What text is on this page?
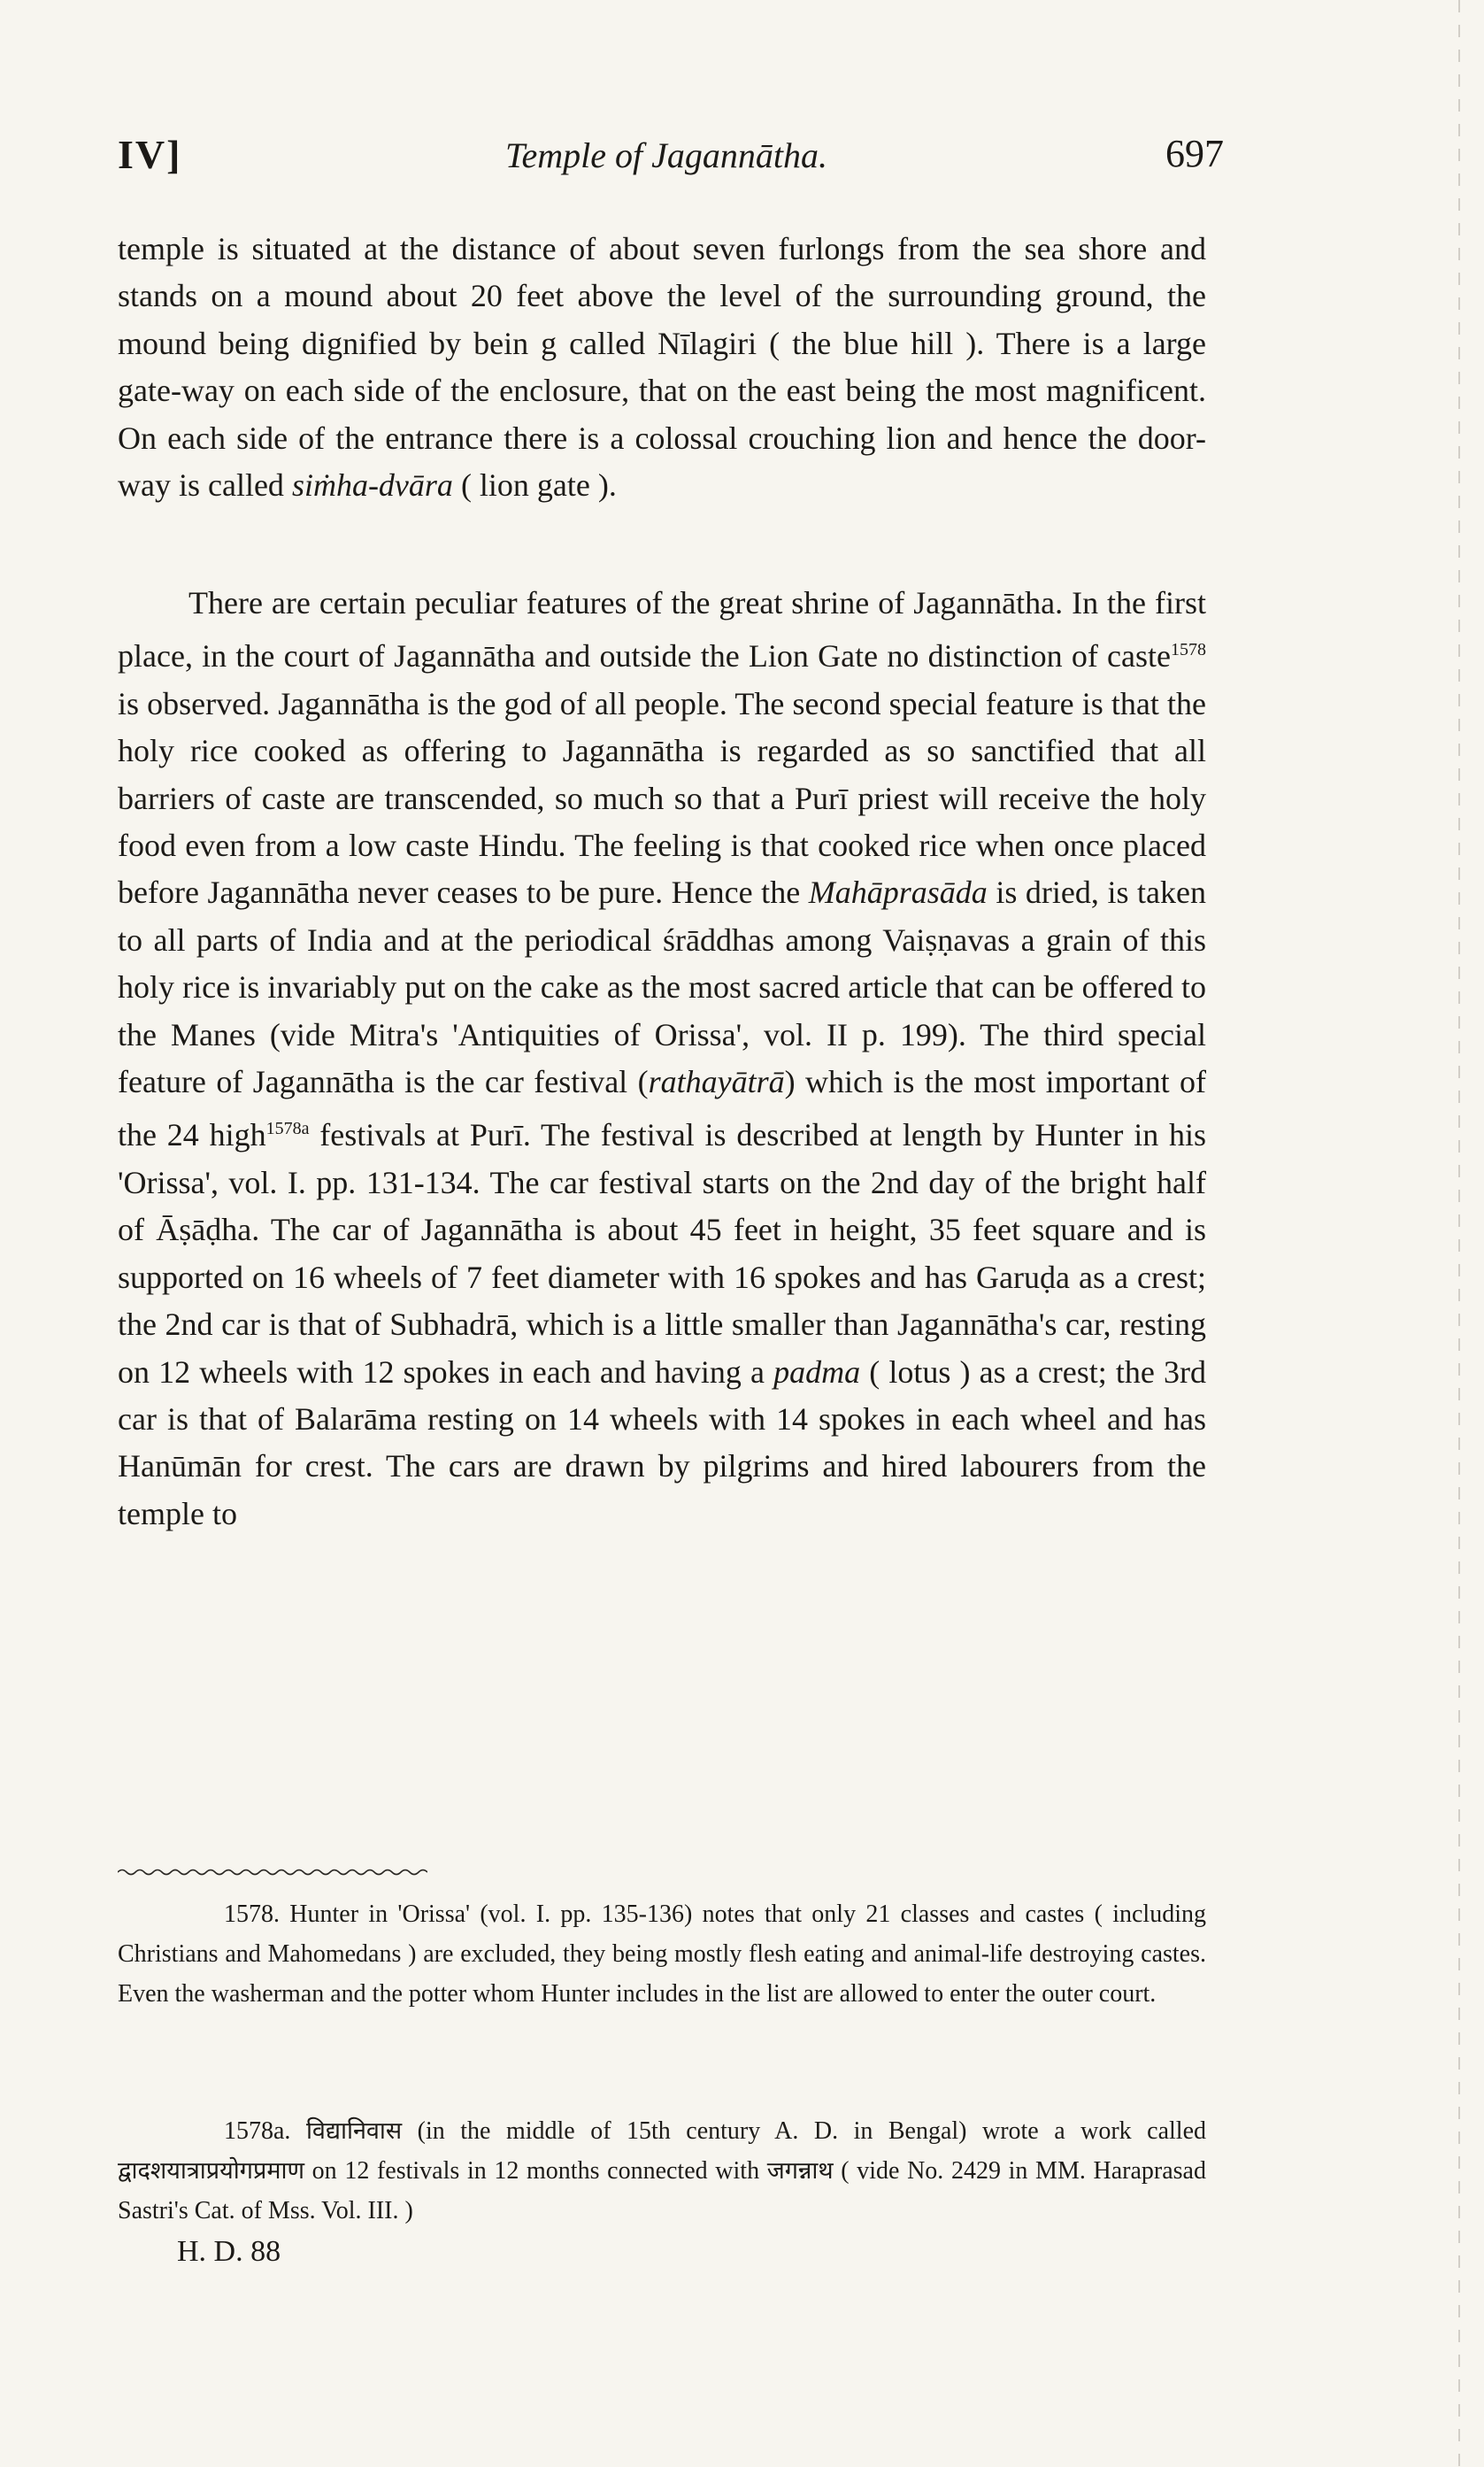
IV]	Temple of Jagannātha.	697

temple is situated at the distance of about seven furlongs from the sea shore and stands on a mound about 20 feet above the level of the surrounding ground, the mound being dignified by bein g called Nīlagiri ( the blue hill ). There is a large gate-way on each side of the enclosure, that on the east being the most magnificent. On each side of the entrance there is a colossal crouching lion and hence the door-way is called siṁha-dvāra ( lion gate ).

There are certain peculiar features of the great shrine of Jagannātha. In the first place, in the court of Jagannātha and outside the Lion Gate no distinction of caste$^{1578}$ is observed. Jagannātha is the god of all people. The second special feature is that the holy rice cooked as offering to Jagannātha is regarded as so sanctified that all barriers of caste are transcended, so much so that a Purī priest will receive the holy food even from a low caste Hindu. The feeling is that cooked rice when once placed before Jagannātha never ceases to be pure. Hence the Mahāprasāda is dried, is taken to all parts of India and at the periodical śrāddhas among Vaiṣṇavas a grain of this holy rice is invariably put on the cake as the most sacred article that can be offered to the Manes (vide Mitra's 'Antiquities of Orissa', vol. II p. 199). The third special feature of Jagannātha is the car festival (rathayātrā) which is the most important of the 24 high$^{1578a}$ festivals at Purī. The festival is described at length by Hunter in his 'Orissa', vol. I. pp. 131-134. The car festival starts on the 2nd day of the bright half of Āṣāḍha. The car of Jagannātha is about 45 feet in height, 35 feet square and is supported on 16 wheels of 7 feet diameter with 16 spokes and has Garuḍa as a crest; the 2nd car is that of Subhadrā, which is a little smaller than Jagannātha's car, resting on 12 wheels with 12 spokes in each and having a padma ( lotus ) as a crest; the 3rd car is that of Balarāma resting on 14 wheels with 14 spokes in each wheel and has Hanūmān for crest. The cars are drawn by pilgrims and hired labourers from the temple to

1578. Hunter in 'Orissa' (vol. I. pp. 135-136) notes that only 21 classes and castes ( including Christians and Mahomedans ) are excluded, they being mostly flesh eating and animal-life destroying castes. Even the washerman and the potter whom Hunter includes in the list are allowed to enter the outer court.

1578a. विद्यानिवास (in the middle of 15th century A. D. in Bengal) wrote a work called द्वादशयात्राप्रयोगप्रमाण on 12 festivals in 12 months connected with जगन्नाथ ( vide No. 2429 in MM. Haraprasad Sastri's Cat. of Mss. Vol. III. )

H. D. 88
